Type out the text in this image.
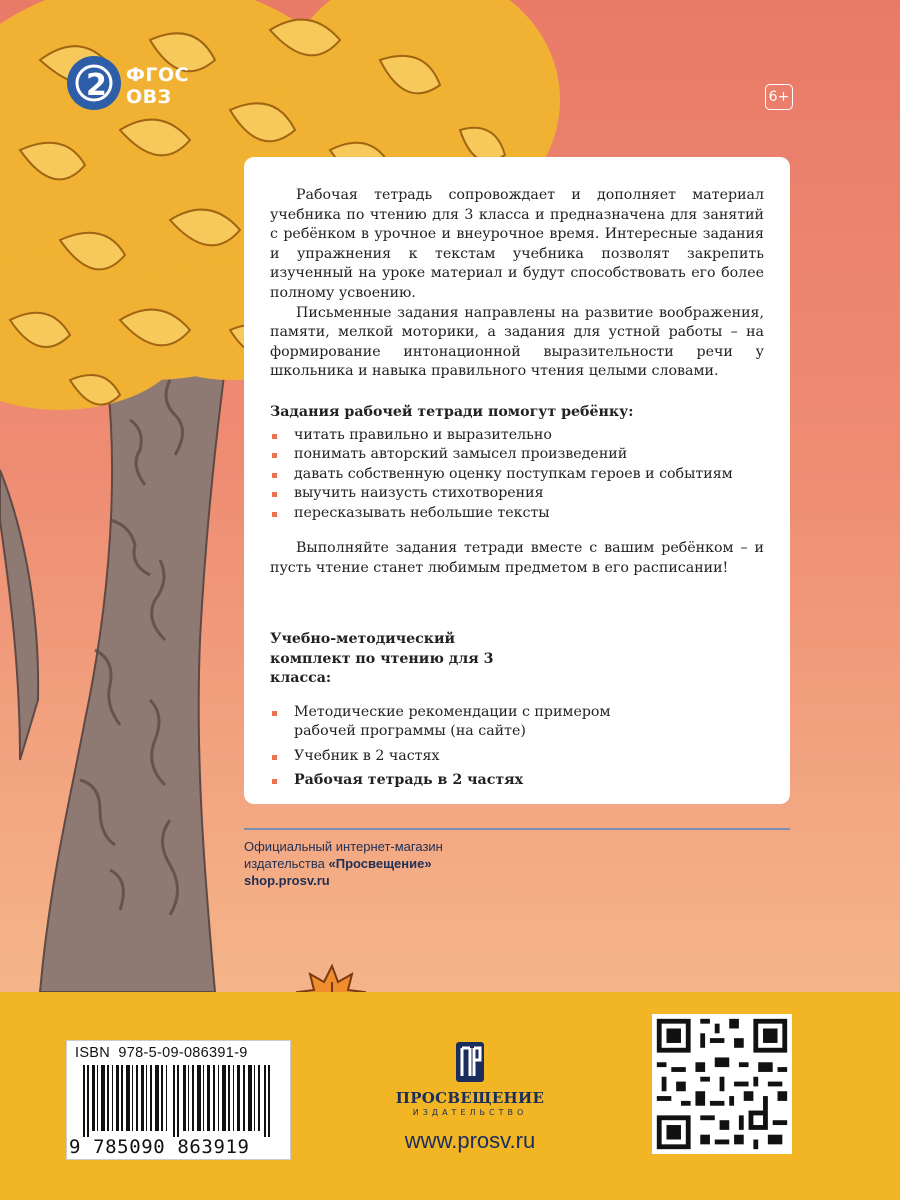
2 ФГОС
ОВЗ	6+

Рабочая тетрадь сопровождает и дополняет материал учебника по чтению для 3 класса и предназначена для занятий с ребёнком в урочное и внеурочное время. Интересные задания и упражнения к текстам учебника позволят закрепить изученный на уроке материал и будут способствовать его более полному усвоению.

Письменные задания направлены на развитие воображения, памяти, мелкой моторики, а задания для устной работы – на формирование интонационной выразительности речи у школьника и навыка правильного чтения целыми словами.

Задания рабочей тетради помогут ребёнку:
читать правильно и выразительно
понимать авторский замысел произведений
давать собственную оценку поступкам героев и событиям
выучить наизусть стихотворения
пересказывать небольшие тексты

Выполняйте задания тетради вместе с вашим ребёнком – и пусть чтение станет любимым предметом в его расписании!

Учебно-методический комплект по чтению для 3 класса:
Методические рекомендации с примером рабочей программы (на сайте)
Учебник в 2 частях
Рабочая тетрадь в 2 частях
Официальный интернет-магазин
издательства «Просвещение»
shop.prosv.ru
ISBN 978-5-09-086391-9
9 785090 863919
ПРОСВЕЩЕНИЕ
ИЗДАТЕЛЬСТВО
www.prosv.ru
